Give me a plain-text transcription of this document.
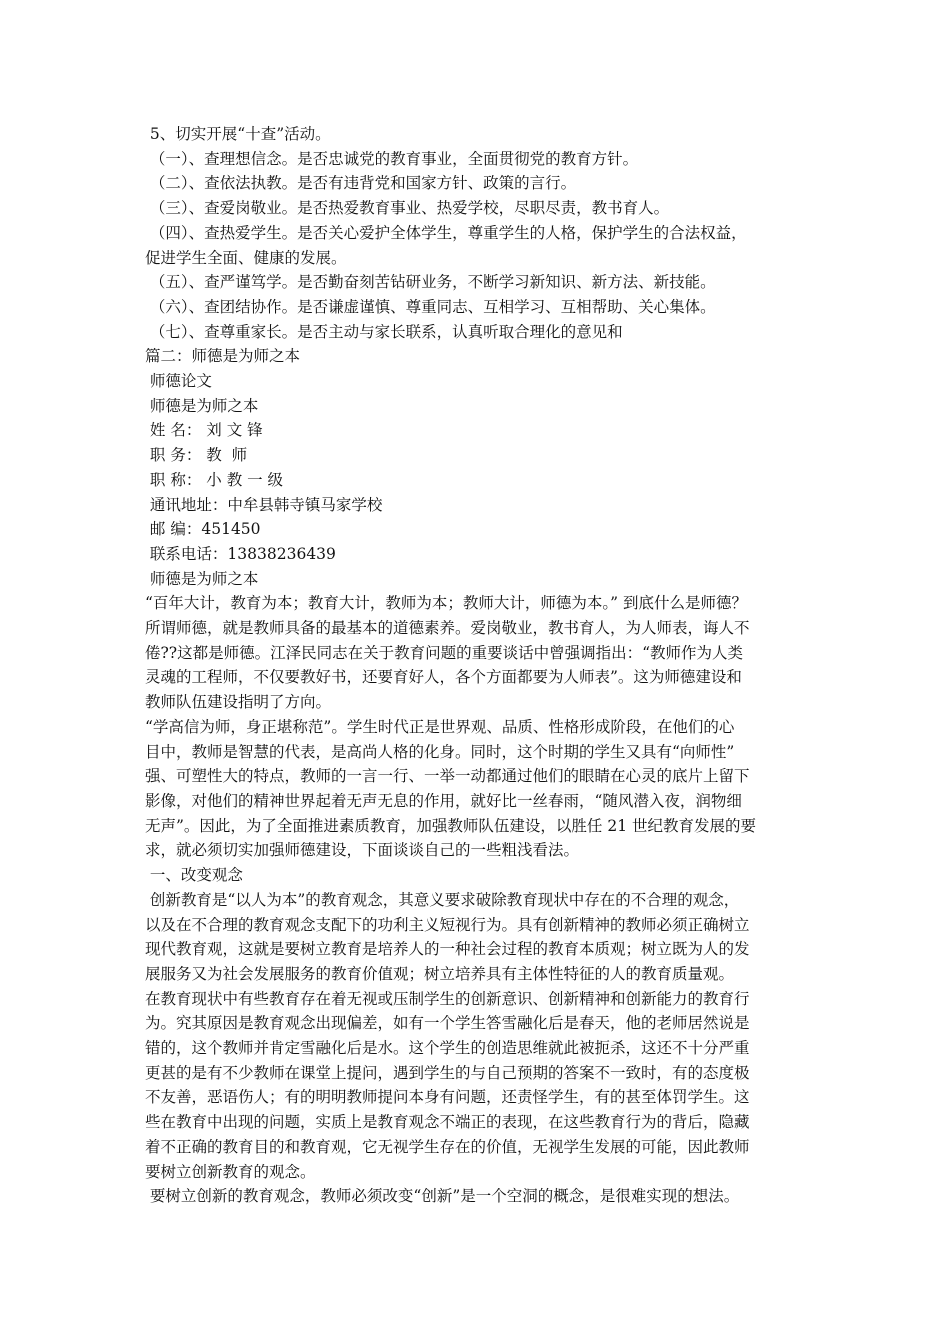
5、切实开展“十查”活动。
（一）、查理想信念。是否忠诚党的教育事业，全面贯彻党的教育方针。
（二）、查依法执教。是否有违背党和国家方针、政策的言行。
（三）、查爱岗敬业。是否热爱教育事业、热爱学校，尽职尽责，教书育人。
（四）、查热爱学生。是否关心爱护全体学生，尊重学生的人格，保护学生的合法权益，
促进学生全面、健康的发展。
（五）、查严谨笃学。是否勤奋刻苦钻研业务，不断学习新知识、新方法、新技能。
（六）、查团结协作。是否谦虚谨慎、尊重同志、互相学习、互相帮助、关心集体。
（七）、查尊重家长。是否主动与家长联系，认真听取合理化的意见和
篇二：师德是为师之本
师德论文
师德是为师之本
姓 名： 刘 文 锋
职 务： 教  师
职 称： 小 教 一 级
通讯地址：中牟县韩寺镇马家学校
邮 编：451450
联系电话：13838236439
师德是为师之本
“百年大计，教育为本；教育大计，教师为本；教师大计，师德为本。” 到底什么是师德？
所谓师德，就是教师具备的最基本的道德素养。爱岗敬业，教书育人，为人师表，诲人不
倦??这都是师德。江泽民同志在关于教育问题的重要谈话中曾强调指出：“教师作为人类
灵魂的工程师，不仅要教好书，还要育好人，各个方面都要为人师表”。这为师德建设和
教师队伍建设指明了方向。
“学高信为师，身正堪称范”。学生时代正是世界观、品质、性格形成阶段，在他们的心
目中，教师是智慧的代表，是高尚人格的化身。同时，这个时期的学生又具有“向师性”
强、可塑性大的特点，教师的一言一行、一举一动都通过他们的眼睛在心灵的底片上留下
影像，对他们的精神世界起着无声无息的作用，就好比一丝春雨，“随风潜入夜，润物细
无声”。因此，为了全面推进素质教育，加强教师队伍建设，以胜任 21 世纪教育发展的要
求，就必须切实加强师德建设，下面谈谈自己的一些粗浅看法。
一、改变观念
创新教育是“以人为本”的教育观念，其意义要求破除教育现状中存在的不合理的观念，
以及在不合理的教育观念支配下的功利主义短视行为。具有创新精神的教师必须正确树立
现代教育观，这就是要树立教育是培养人的一种社会过程的教育本质观；树立既为人的发
展服务又为社会发展服务的教育价值观；树立培养具有主体性特征的人的教育质量观。
在教育现状中有些教育存在着无视或压制学生的创新意识、创新精神和创新能力的教育行
为。究其原因是教育观念出现偏差，如有一个学生答雪融化后是春天，他的老师居然说是
错的，这个教师并肯定雪融化后是水。这个学生的创造思维就此被扼杀，这还不十分严重
更甚的是有不少教师在课堂上提问，遇到学生的与自己预期的答案不一致时，有的态度极
不友善，恶语伤人；有的明明教师提问本身有问题，还责怪学生，有的甚至体罚学生。这
些在教育中出现的问题，实质上是教育观念不端正的表现，在这些教育行为的背后，隐藏
着不正确的教育目的和教育观，它无视学生存在的价值，无视学生发展的可能，因此教师
要树立创新教育的观念。
要树立创新的教育观念，教师必须改变“创新”是一个空洞的概念，是很难实现的想法。
